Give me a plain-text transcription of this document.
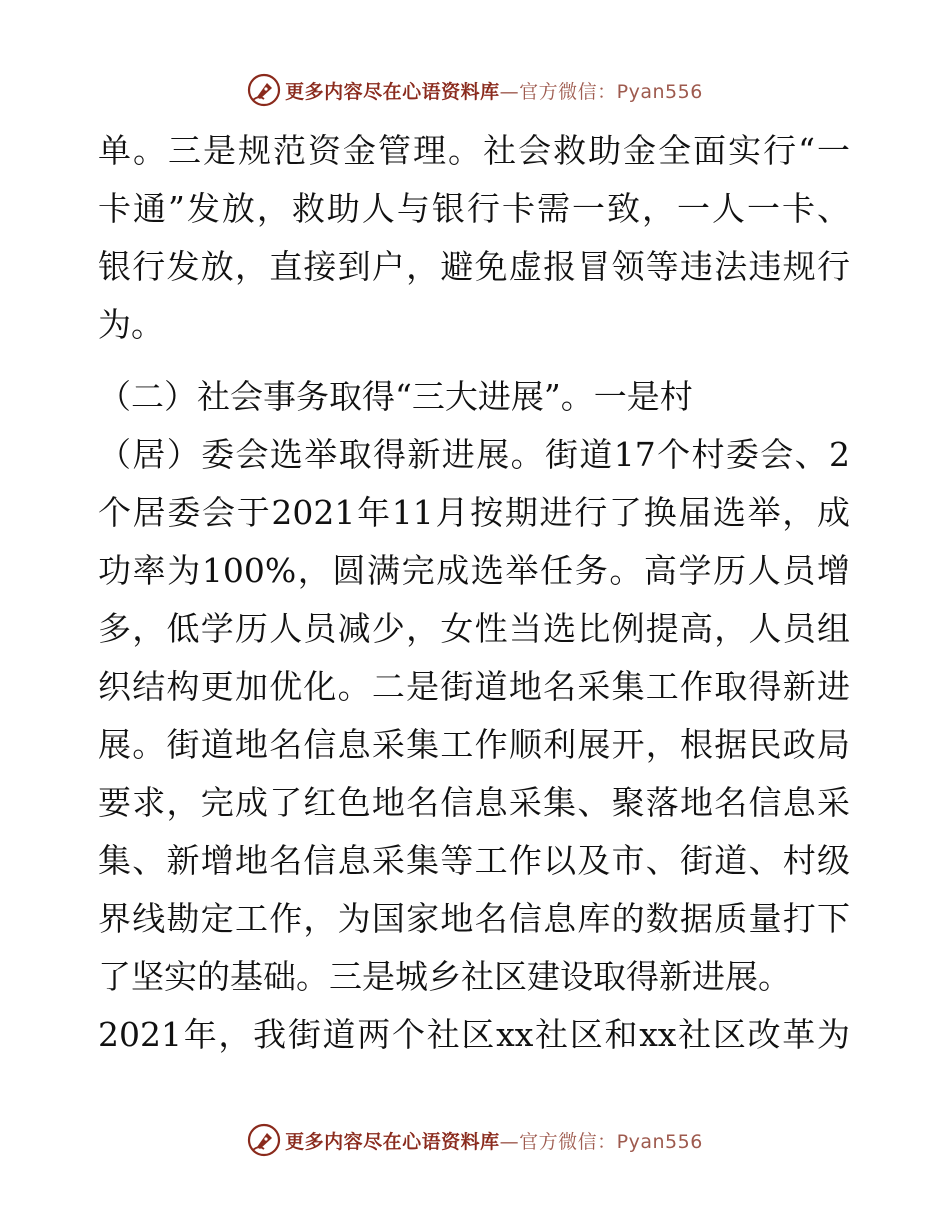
更多内容尽在心语资料库—官方微信：Pyan556
单。三是规范资金管理。社会救助金全面实行“一
卡通”发放，救助人与银行卡需一致，一人一卡、
银行发放，直接到户，避免虚报冒领等违法违规行
为。
（二）社会事务取得“三大进展”。一是村
（居）委会选举取得新进展。街道17个村委会、2
个居委会于2021年11月按期进行了换届选举，成
功率为100%，圆满完成选举任务。高学历人员增
多，低学历人员减少，女性当选比例提高，人员组
织结构更加优化。二是街道地名采集工作取得新进
展。街道地名信息采集工作顺利展开，根据民政局
要求，完成了红色地名信息采集、聚落地名信息采
集、新增地名信息采集等工作以及市、街道、村级
界线勘定工作，为国家地名信息库的数据质量打下
了坚实的基础。三是城乡社区建设取得新进展。
2021年，我街道两个社区xx社区和xx社区改革为
更多内容尽在心语资料库—官方微信：Pyan556
